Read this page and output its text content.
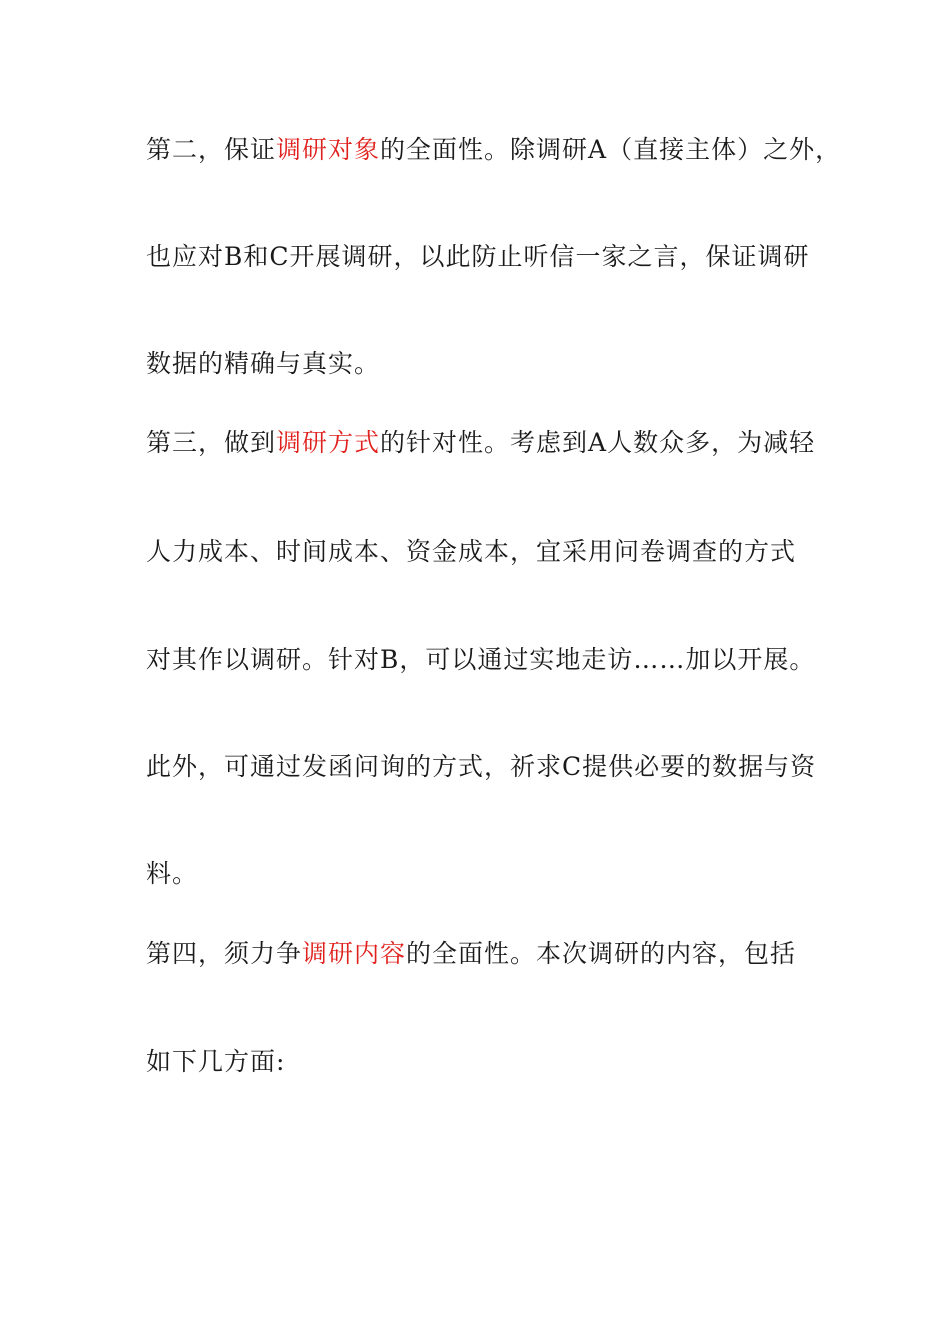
第二，保证调研对象的全面性。除调研A（直接主体）之外，

也应对B和C开展调研，以此防止听信一家之言，保证调研

数据的精确与真实。

第三，做到调研方式的针对性。考虑到A人数众多，为减轻

人力成本、时间成本、资金成本，宜采用问卷调查的方式

对其作以调研。针对B，可以通过实地走访……加以开展。

此外，可通过发函问询的方式，祈求C提供必要的数据与资

料。

第四，须力争调研内容的全面性。本次调研的内容，包括

如下几方面:
